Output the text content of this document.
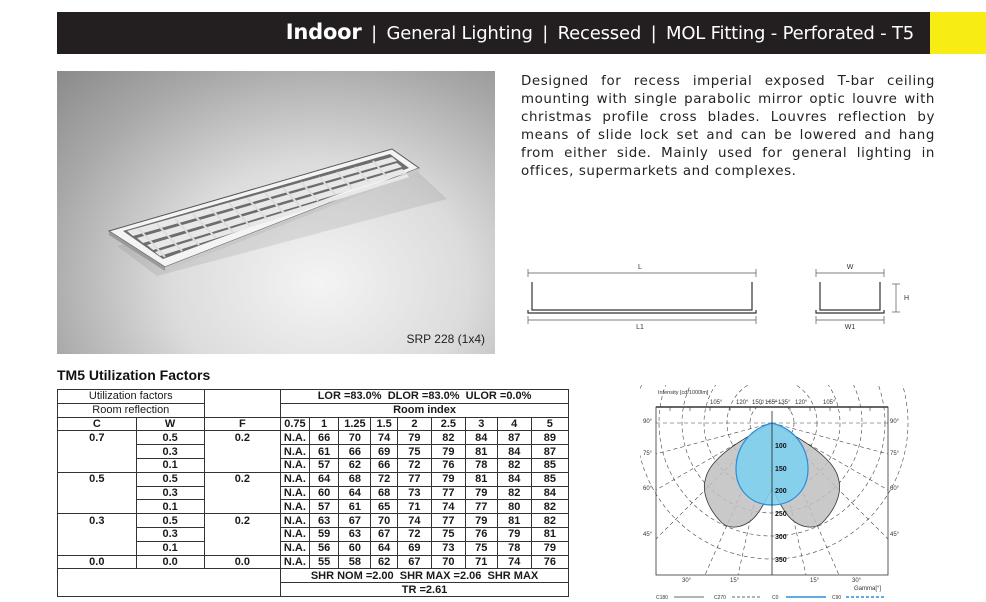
Indoor | General Lighting | Recessed | MOL Fitting - Perforated - T5
SRP 228 (1x4)
Designed for recess imperial exposed T-bar ceiling mounting with single parabolic mirror optic louvre with christmas profile cross blades. Louvres reflection by means of slide lock set and can be lowered and hang from either side. Mainly used for general lighting in offices, supermarkets and complexes.
L
L1
W
H
W1
TM5 Utilization Factors
Utilization factors			LOR =83.0% DLOR =83.0% ULOR =0.0%								
Room reflection			Room index								
C	W	F	0.75	1	1.25	1.5	2	2.5	3	4	5
0.7	0.5	0.2	N.A.	66	70	74	79	82	84	87	89
	0.3		N.A.	61	66	69	75	79	81	84	87
	0.1		N.A.	57	62	66	72	76	78	82	85
0.5	0.5	0.2	N.A.	64	68	72	77	79	81	84	85
	0.3		N.A.	60	64	68	73	77	79	82	84
	0.1		N.A.	57	61	65	71	74	77	80	82
0.3	0.5	0.2	N.A.	63	67	70	74	77	79	81	82
	0.3		N.A.	59	63	67	72	75	76	79	81
	0.1		N.A.	56	60	64	69	73	75	78	79
0.0	0.0	0.0	N.A.	55	58	62	67	70	71	74	76
			SHR NOM =2.00 SHR MAX =2.06 SHR MAX								
			TR =2.61								
Intensity [cd/1000lm]
105° 120° 150° 165° 135° 120°	105°
90°
75°
60°
45°
90°
75°
60°
45°
100
150
200
250
300
350
30°	15°	15°	30°
Gamma[°]
C180	C270	C0	C90
